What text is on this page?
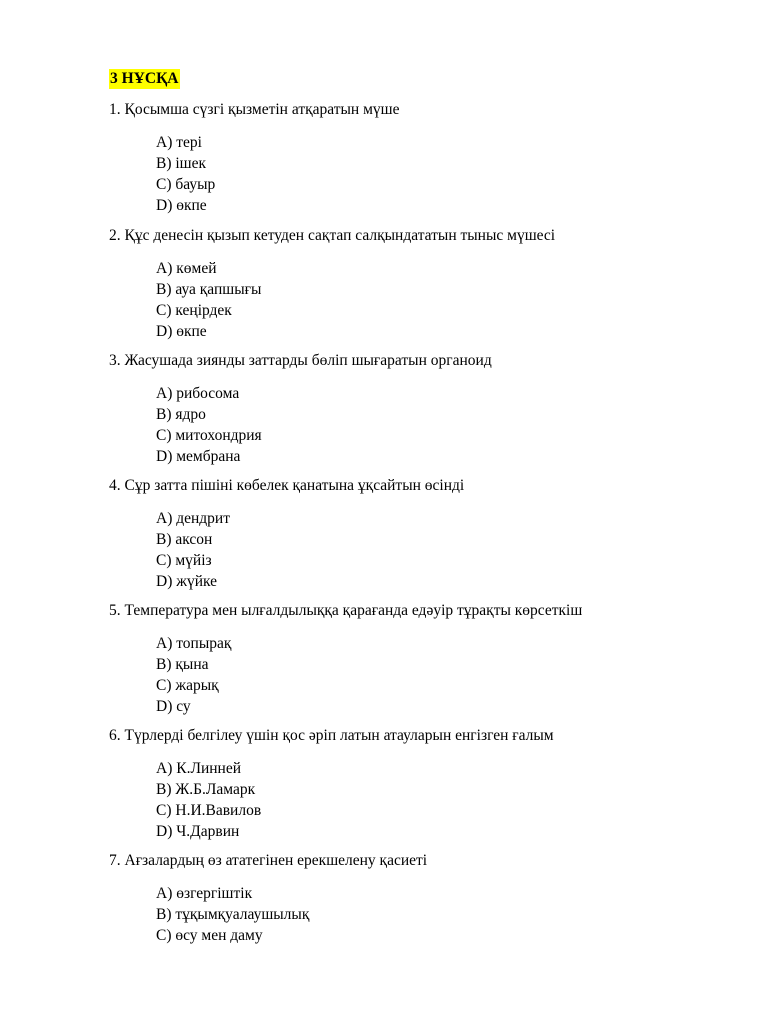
3 НҰСҚА
1. Қосымша сүзгі қызметін атқаратын мүше
A) тері
B) ішек
C) бауыр
D) өкпе
2. Құс денесін қызып кетуден сақтап салқындататын тыныс мүшесі
A) көмей
B) ауа қапшығы
C) кеңірдек
D) өкпе
3. Жасушада зиянды заттарды бөліп шығаратын органоид
A) рибосома
B) ядро
C) митохондрия
D) мембрана
4. Сұр затта пішіні көбелек қанатына ұқсайтын өсінді
A) дендрит
B) аксон
C) мүйіз
D) жүйке
5. Температура мен ылғалдылыққа қарағанда едәуір тұрақты көрсеткіш
A) топырақ
B) қына
C) жарық
D) су
6. Түрлерді белгілеу үшін қос әріп латын атауларын енгізген ғалым
A) К.Линней
B) Ж.Б.Ламарк
C) Н.И.Вавилов
D) Ч.Дарвин
7. Ағзалардың өз ататегінен ерекшелену қасиеті
A) өзгергіштік
B) тұқымқуалаушылық
C) өсу мен даму
